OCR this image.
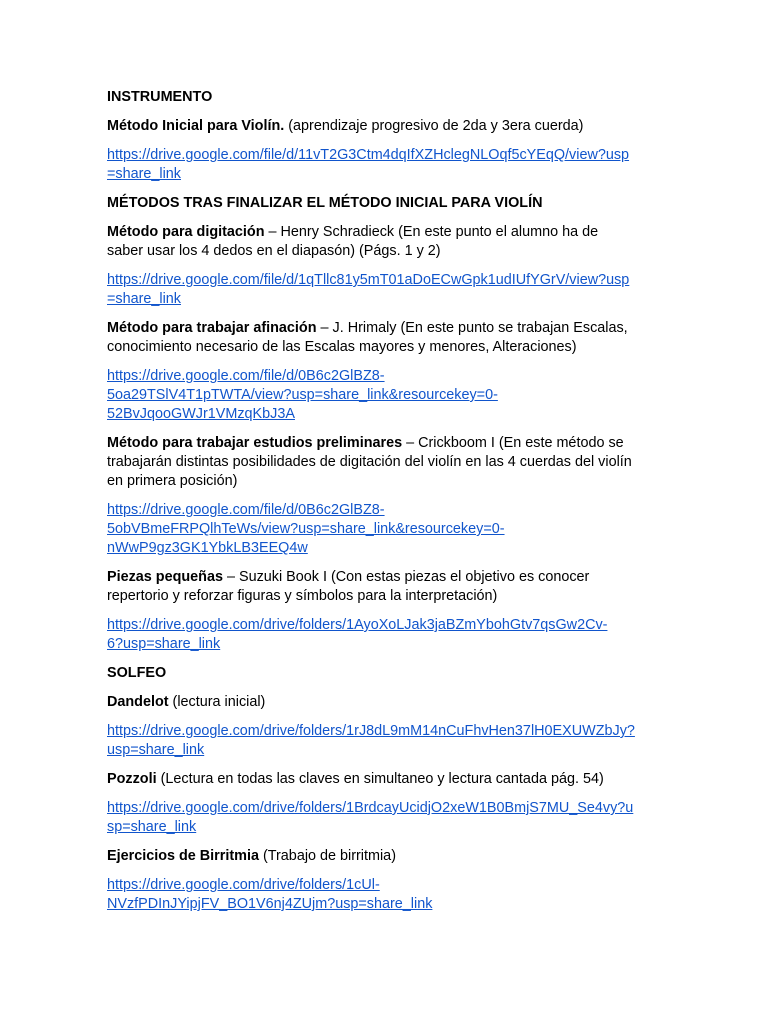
INSTRUMENTO
Método Inicial para Violín. (aprendizaje progresivo de 2da y 3era cuerda)
https://drive.google.com/file/d/11vT2G3Ctm4dqIfXZHclegNLOqf5cYEqQ/view?usp
=share_link
MÉTODOS TRAS FINALIZAR EL MÉTODO INICIAL PARA VIOLÍN
Método para digitación – Henry Schradieck (En este punto el alumno ha de
saber usar los 4 dedos en el diapasón) (Págs. 1 y 2)
https://drive.google.com/file/d/1qTllc81y5mT01aDoECwGpk1udIUfYGrV/view?usp
=share_link
Método para trabajar afinación – J. Hrimaly (En este punto se trabajan Escalas,
conocimiento necesario de las Escalas mayores y menores, Alteraciones)
https://drive.google.com/file/d/0B6c2GlBZ8-
5oa29TSlV4T1pTWTA/view?usp=share_link&resourcekey=0-
52BvJqooGWJr1VMzqKbJ3A
Método para trabajar estudios preliminares – Crickboom I (En este método se
trabajarán distintas posibilidades de digitación del violín en las 4 cuerdas del violín
en primera posición)
https://drive.google.com/file/d/0B6c2GlBZ8-
5obVBmeFRPQlhTeWs/view?usp=share_link&resourcekey=0-
nWwP9gz3GK1YbkLB3EEQ4w
Piezas pequeñas – Suzuki Book I (Con estas piezas el objetivo es conocer
repertorio y reforzar figuras y símbolos para la interpretación)
https://drive.google.com/drive/folders/1AyoXoLJak3jaBZmYbohGtv7qsGw2Cv-
6?usp=share_link
SOLFEO
Dandelot (lectura inicial)
https://drive.google.com/drive/folders/1rJ8dL9mM14nCuFhvHen37lH0EXUWZbJy?
usp=share_link
Pozzoli (Lectura en todas las claves en simultaneo y lectura cantada pág. 54)
https://drive.google.com/drive/folders/1BrdcayUcidjO2xeW1B0BmjS7MU_Se4vy?u
sp=share_link
Ejercicios de Birritmia (Trabajo de birritmia)
https://drive.google.com/drive/folders/1cUl-
NVzfPDInJYipjFV_BO1V6nj4ZUjm?usp=share_link
